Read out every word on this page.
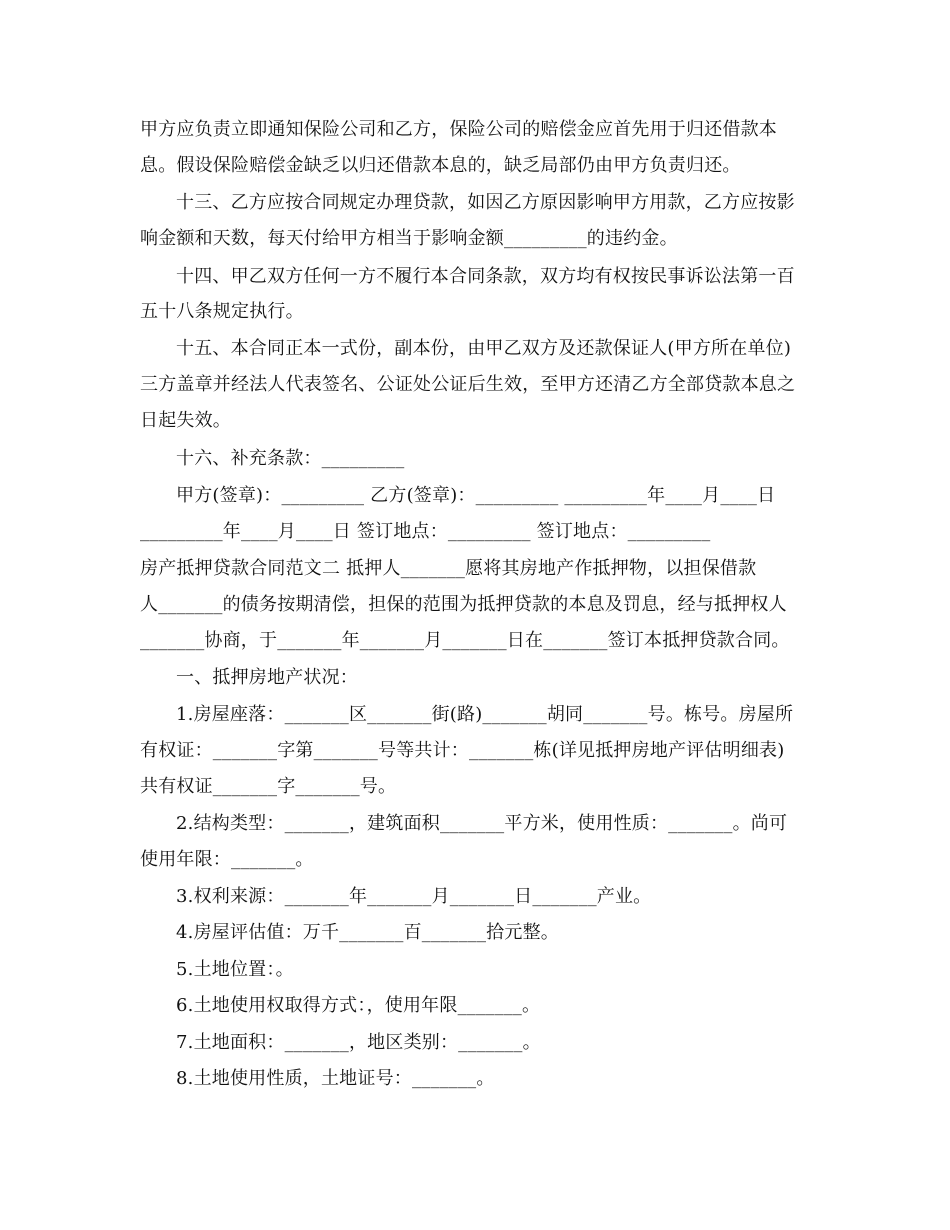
甲方应负责立即通知保险公司和乙方，保险公司的赔偿金应首先用于归还借款本
息。假设保险赔偿金缺乏以归还借款本息的，缺乏局部仍由甲方负责归还。
十三、乙方应按合同规定办理贷款，如因乙方原因影响甲方用款，乙方应按影
响金额和天数，每天付给甲方相当于影响金额_________的违约金。
十四、甲乙双方任何一方不履行本合同条款，双方均有权按民事诉讼法第一百
五十八条规定执行。
十五、本合同正本一式份，副本份，由甲乙双方及还款保证人(甲方所在单位)
三方盖章并经法人代表签名、公证处公证后生效，至甲方还清乙方全部贷款本息之
日起失效。
十六、补充条款：_________
甲方(签章)：_________ 乙方(签章)：_________ _________年____月____日
_________年____月____日 签订地点：_________ 签订地点：_________
房产抵押贷款合同范文二 抵押人_______愿将其房地产作抵押物，以担保借款
人_______的债务按期清偿，担保的范围为抵押贷款的本息及罚息，经与抵押权人
_______协商，于_______年_______月_______日在_______签订本抵押贷款合同。
一、抵押房地产状况：
1.房屋座落：_______区_______街(路)_______胡同_______号。栋号。房屋所
有权证：_______字第_______号等共计：_______栋(详见抵押房地产评估明细表)
共有权证_______字_______号。
2.结构类型：_______，建筑面积_______平方米，使用性质：_______。尚可
使用年限：_______。
3.权利来源：_______年_______月_______日_______产业。
4.房屋评估值：万千_______百_______拾元整。
5.土地位置：。
6.土地使用权取得方式：，使用年限_______。
7.土地面积：_______，地区类别：_______。
8.土地使用性质，土地证号：_______。
